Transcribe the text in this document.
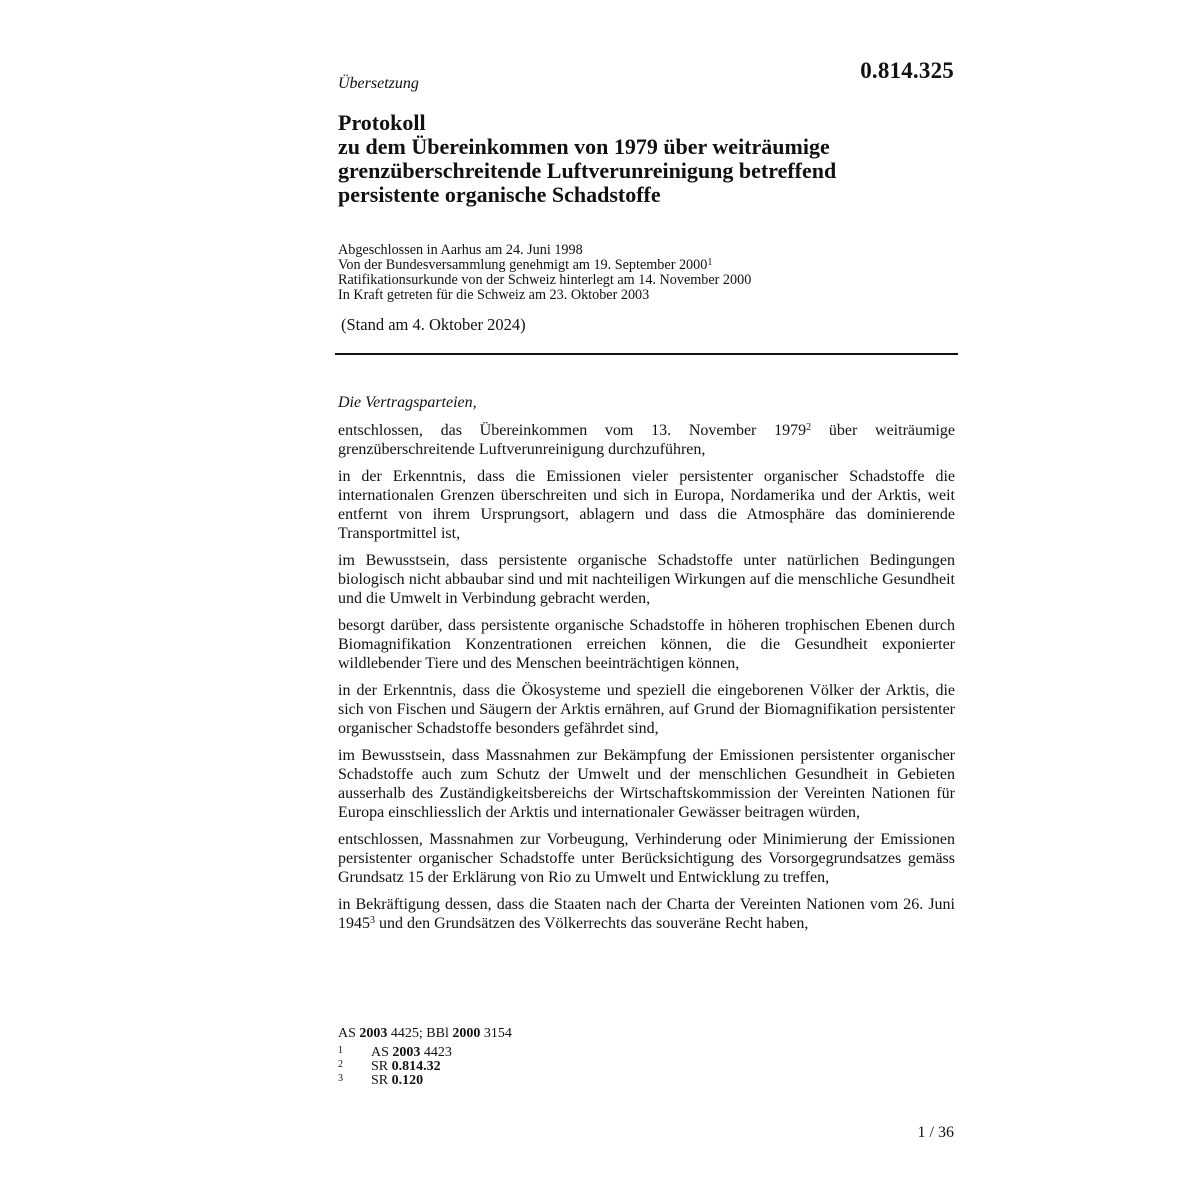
0.814.325
Übersetzung
Protokoll
zu dem Übereinkommen von 1979 über weiträumige
grenzüberschreitende Luftverunreinigung betreffend
persistente organische Schadstoffe
Abgeschlossen in Aarhus am 24. Juni 1998
Von der Bundesversammlung genehmigt am 19. September 2000$^1$
Ratifikationsurkunde von der Schweiz hinterlegt am 14. November 2000
In Kraft getreten für die Schweiz am 23. Oktober 2003
(Stand am 4. Oktober 2024)
Die Vertragsparteien,

entschlossen, das Übereinkommen vom 13. November 1979$^2$ über weiträumige grenzüberschreitende Luftverunreinigung durchzuführen,

in der Erkenntnis, dass die Emissionen vieler persistenter organischer Schadstoffe die internationalen Grenzen überschreiten und sich in Europa, Nordamerika und der Arktis, weit entfernt von ihrem Ursprungsort, ablagern und dass die Atmosphäre das dominierende Transportmittel ist,

im Bewusstsein, dass persistente organische Schadstoffe unter natürlichen Bedingungen biologisch nicht abbaubar sind und mit nachteiligen Wirkungen auf die menschliche Gesundheit und die Umwelt in Verbindung gebracht werden,

besorgt darüber, dass persistente organische Schadstoffe in höheren trophischen Ebenen durch Biomagnifikation Konzentrationen erreichen können, die die Gesundheit exponierter wildlebender Tiere und des Menschen beeinträchtigen können,

in der Erkenntnis, dass die Ökosysteme und speziell die eingeborenen Völker der Arktis, die sich von Fischen und Säugern der Arktis ernähren, auf Grund der Biomagnifikation persistenter organischer Schadstoffe besonders gefährdet sind,

im Bewusstsein, dass Massnahmen zur Bekämpfung der Emissionen persistenter organischer Schadstoffe auch zum Schutz der Umwelt und der menschlichen Gesundheit in Gebieten ausserhalb des Zuständigkeitsbereichs der Wirtschaftskommission der Vereinten Nationen für Europa einschliesslich der Arktis und internationaler Gewässer beitragen würden,

entschlossen, Massnahmen zur Vorbeugung, Verhinderung oder Minimierung der Emissionen persistenter organischer Schadstoffe unter Berücksichtigung des Vorsorgegrundsatzes gemäss Grundsatz 15 der Erklärung von Rio zu Umwelt und Entwicklung zu treffen,

in Bekräftigung dessen, dass die Staaten nach der Charta der Vereinten Nationen vom 26. Juni 1945$^3$ und den Grundsätzen des Völkerrechts das souveräne Recht haben,

AS 2003 4425; BBl 2000 3154
1	AS 2003 4423
2	SR 0.814.32
3	SR 0.120
1 / 36
